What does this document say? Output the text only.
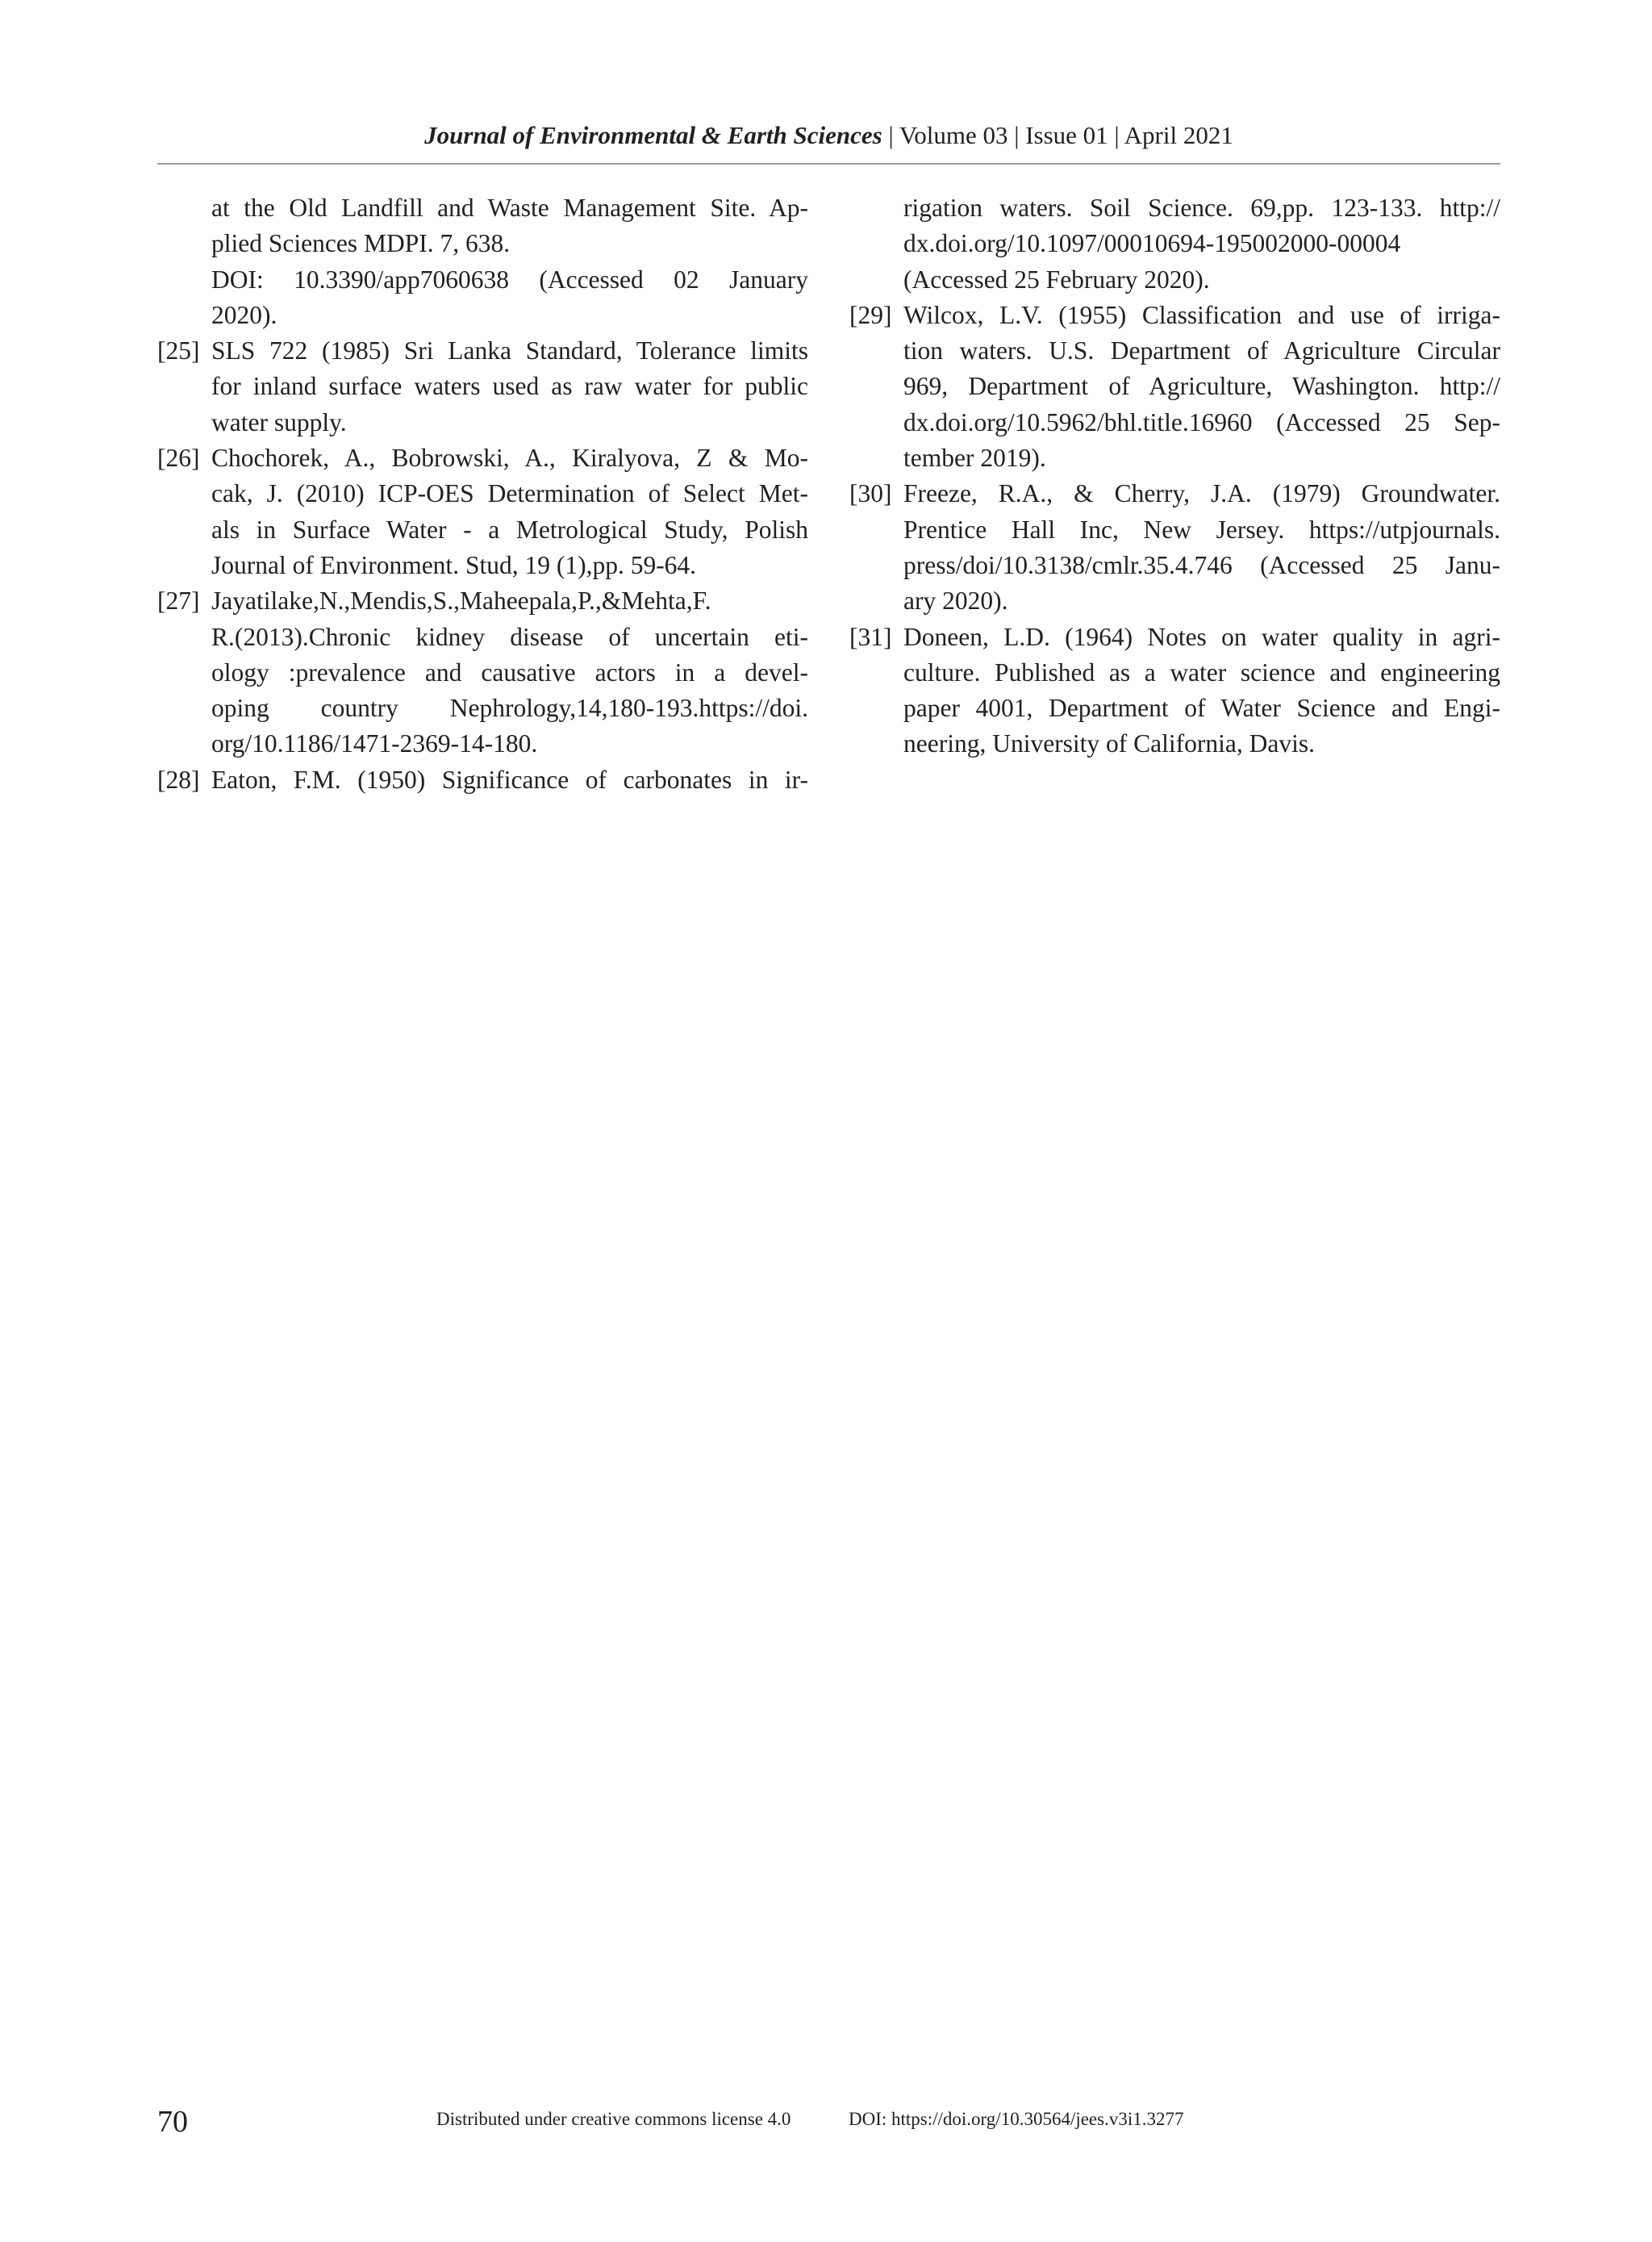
Journal of Environmental & Earth Sciences | Volume 03 | Issue 01 | April 2021
at the Old Landfill and Waste Management Site. Ap-
plied Sciences MDPI. 7, 638.
DOI: 10.3390/app7060638 (Accessed 02 January
2020).
[25] SLS 722 (1985) Sri Lanka Standard, Tolerance limits
for inland surface waters used as raw water for public
water supply.
[26] Chochorek, A., Bobrowski, A., Kiralyova, Z & Mo-
cak, J. (2010) ICP-OES Determination of Select Met-
als in Surface Water - a Metrological Study, Polish
Journal of Environment. Stud, 19 (1),pp. 59-64.
[27] Jayatilake,N.,Mendis,S.,Maheepala,P.,&Mehta,F.
R.(2013).Chronic kidney disease of uncertain eti-
ology :prevalence and causative actors in a devel-
oping country Nephrology,14,180-193.https://doi.
org/10.1186/1471-2369-14-180.
[28] Eaton, F.M. (1950) Significance of carbonates in ir-
rigation waters. Soil Science. 69,pp. 123-133. http://
dx.doi.org/10.1097/00010694-195002000-00004
(Accessed 25 February 2020).
[29] Wilcox, L.V. (1955) Classification and use of irriga-
tion waters. U.S. Department of Agriculture Circular
969, Department of Agriculture, Washington. http://
dx.doi.org/10.5962/bhl.title.16960 (Accessed 25 Sep-
tember 2019).
[30] Freeze, R.A., & Cherry, J.A. (1979) Groundwater.
Prentice Hall Inc, New Jersey. https://utpjournals.
press/doi/10.3138/cmlr.35.4.746 (Accessed 25 Janu-
ary 2020).
[31] Doneen, L.D. (1964) Notes on water quality in agri-
culture. Published as a water science and engineering
paper 4001, Department of Water Science and Engi-
neering, University of California, Davis.
70	Distributed under creative commons license 4.0	DOI: https://doi.org/10.30564/jees.v3i1.3277
